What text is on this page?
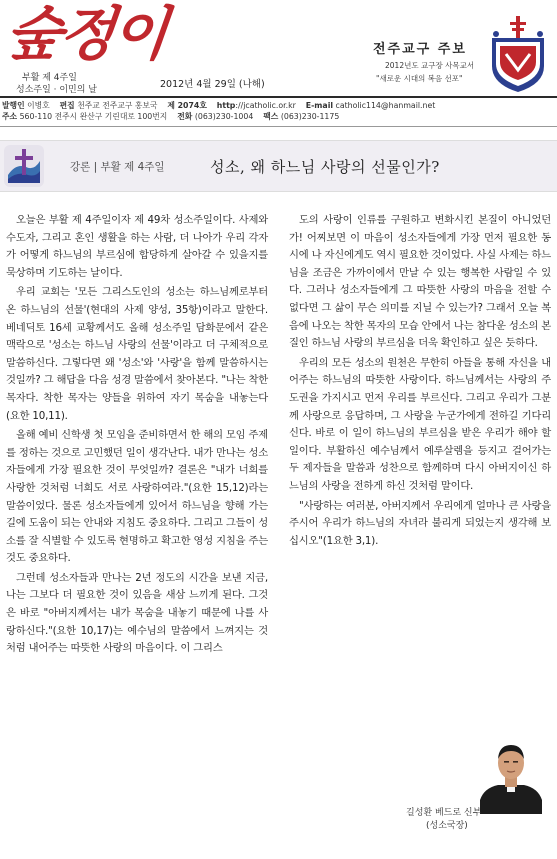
숲정이
부활 제 4주일
성소주일 · 이민의 날	2012년 4월 29일 (나해)
전주교구 주보
2012년도 교구장 사목교서
"새로운 시대의 복음 선포"
발행인 이병호 편집 천주교 전주교구 홍보국 제 2074호 http://jcatholic.or.kr E-mail catholic114@hanmail.net
주소 560-110 전주시 완산구 기린대로 100번지 전화 (063)230-1004 팩스 (063)230-1175
강론 | 부활 제 4주일	성소, 왜 하느님 사랑의 선물인가?

오늘은 부활 제 4주일이자 제 49차 성소주일이다. 사제와 수도자, 그리고 혼인 생활을 하는 사람, 더 나아가 우리 각자가 어떻게 하느님의 부르심에 합당하게 살아갈 수 있을지를 묵상하며 기도하는 날이다.

우리 교회는 '모든 그리스도인의 성소는 하느님께로부터 온 하느님의 선물'(현대의 사제 양성, 35항)이라고 말한다. 베네딕토 16세 교황께서도 올해 성소주일 담화문에서 같은 맥락으로 '성소는 하느님 사랑의 선물'이라고 더 구체적으로 말씀하신다. 그렇다면 왜 '성소'와 '사랑'을 함께 말씀하시는 것일까? 그 해답을 다음 성경 말씀에서 찾아본다. "나는 착한 목자다. 착한 목자는 양들을 위하여 자기 목숨을 내놓는다(요한 10,11).

올해 예비 신학생 첫 모임을 준비하면서 한 해의 모임 주제를 정하는 것으로 고민했던 일이 생각난다. 내가 만나는 성소자들에게 가장 필요한 것이 무엇일까? 결론은 "내가 너희를 사랑한 것처럼 너희도 서로 사랑하여라."(요한 15,12)라는 말씀이었다. 물론 성소자들에게 있어서 하느님을 향해 가는 길에 도움이 되는 안내와 지침도 중요하다. 그리고 그들이 성소를 잘 식별할 수 있도록 현명하고 확고한 영성 지침을 주는 것도 중요하다.

그런데 성소자들과 만나는 2년 정도의 시간을 보낸 지금, 나는 그보다 더 필요한 것이 있음을 새삼 느끼게 된다. 그것은 바로 "아버지께서는 내가 목숨을 내놓기 때문에 나를 사랑하신다."(요한 10,17)는 예수님의 말씀에서 느껴지는 것처럼 내어주는 따뜻한 사랑의 마음이다. 이 그리스

도의 사랑이 인류를 구원하고 변화시킨 본질이 아니었던가! 어찌보면 이 마음이 성소자들에게 가장 먼저 필요한 동시에 나 자신에게도 역시 필요한 것이었다. 사실 사제는 하느님을 조금은 가까이에서 만날 수 있는 행복한 사람일 수 있다. 그러나 성소자들에게 그 따뜻한 사랑의 마음을 전할 수 없다면 그 삶이 무슨 의미를 지닐 수 있는가? 그래서 오늘 복음에 나오는 착한 목자의 모습 안에서 나는 참다운 성소의 본질인 하느님 사랑의 부르심을 더욱 확인하고 싶은 듯하다.

우리의 모든 성소의 원천은 무한히 아들을 통해 자신을 내어주는 하느님의 따뜻한 사랑이다. 하느님께서는 사랑의 주도권을 가지시고 먼저 우리를 부르신다. 그리고 우리가 그분께 사랑으로 응답하며, 그 사랑을 누군가에게 전하길 기다리신다. 바로 이 일이 하느님의 부르심을 받은 우리가 해야 할 일이다. 부활하신 예수님께서 예루살렘을 등지고 걸어가는 두 제자들을 말씀과 성찬으로 함께하며 다시 아버지이신 하느님의 사랑을 전하게 하신 것처럼 말이다.

"사랑하는 여러분, 아버지께서 우리에게 얼마나 큰 사랑을 주시어 우리가 하느님의 자녀라 불리게 되었는지 생각해 보십시오"(1요한 3,1).

길성환 베드로 신부
(성소국장)
